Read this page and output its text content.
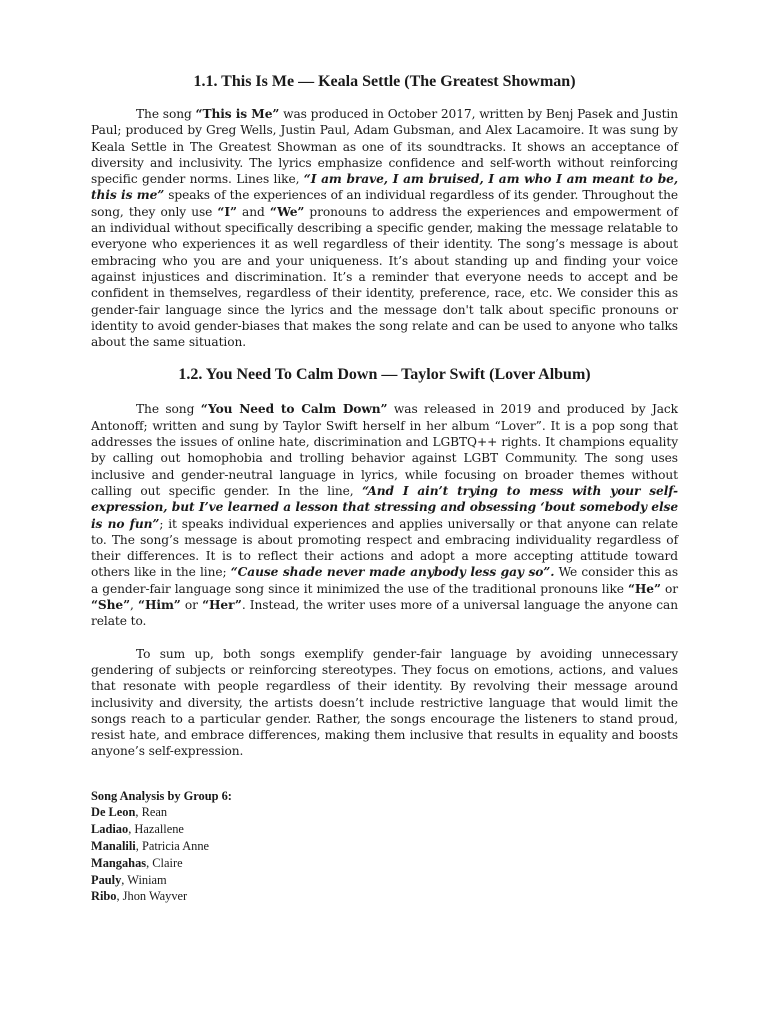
1.1. This Is Me — Keala Settle (The Greatest Showman)

The song “This is Me” was produced in October 2017, written by Benj Pasek and Justin Paul; produced by Greg Wells, Justin Paul, Adam Gubsman, and Alex Lacamoire. It was sung by Keala Settle in The Greatest Showman as one of its soundtracks. It shows an acceptance of diversity and inclusivity. The lyrics emphasize confidence and self-worth without reinforcing specific gender norms. Lines like, “I am brave, I am bruised, I am who I am meant to be, this is me” speaks of the experiences of an individual regardless of its gender. Throughout the song, they only use “I” and “We” pronouns to address the experiences and empowerment of an individual without specifically describing a specific gender, making the message relatable to everyone who experiences it as well regardless of their identity. The song’s message is about embracing who you are and your uniqueness. It’s about standing up and finding your voice against injustices and discrimination. It’s a reminder that everyone needs to accept and be confident in themselves, regardless of their identity, preference, race, etc. We consider this as gender-fair language since the lyrics and the message don't talk about specific pronouns or identity to avoid gender-biases that makes the song relate and can be used to anyone who talks about the same situation.

1.2. You Need To Calm Down — Taylor Swift (Lover Album)

The song “You Need to Calm Down” was released in 2019 and produced by Jack Antonoff; written and sung by Taylor Swift herself in her album “Lover”. It is a pop song that addresses the issues of online hate, discrimination and LGBTQ++ rights. It champions equality by calling out homophobia and trolling behavior against LGBT Community. The song uses inclusive and gender-neutral language in lyrics, while focusing on broader themes without calling out specific gender. In the line, “And I ain’t trying to mess with your self-expression, but I’ve learned a lesson that stressing and obsessing ‘bout somebody else is no fun”; it speaks individual experiences and applies universally or that anyone can relate to. The song’s message is about promoting respect and embracing individuality regardless of their differences. It is to reflect their actions and adopt a more accepting attitude toward others like in the line; “Cause shade never made anybody less gay so”. We consider this as a gender-fair language song since it minimized the use of the traditional pronouns like “He” or “She”, “Him” or “Her”. Instead, the writer uses more of a universal language the anyone can relate to.

To sum up, both songs exemplify gender-fair language by avoiding unnecessary gendering of subjects or reinforcing stereotypes. They focus on emotions, actions, and values that resonate with people regardless of their identity. By revolving their message around inclusivity and diversity, the artists doesn’t include restrictive language that would limit the songs reach to a particular gender. Rather, the songs encourage the listeners to stand proud, resist hate, and embrace differences, making them inclusive that results in equality and boosts anyone’s self-expression.

Song Analysis by Group 6:
De Leon, Rean
Ladiao, Hazallene
Manalili, Patricia Anne
Mangahas, Claire
Pauly, Winiam
Ribo, Jhon Wayver
